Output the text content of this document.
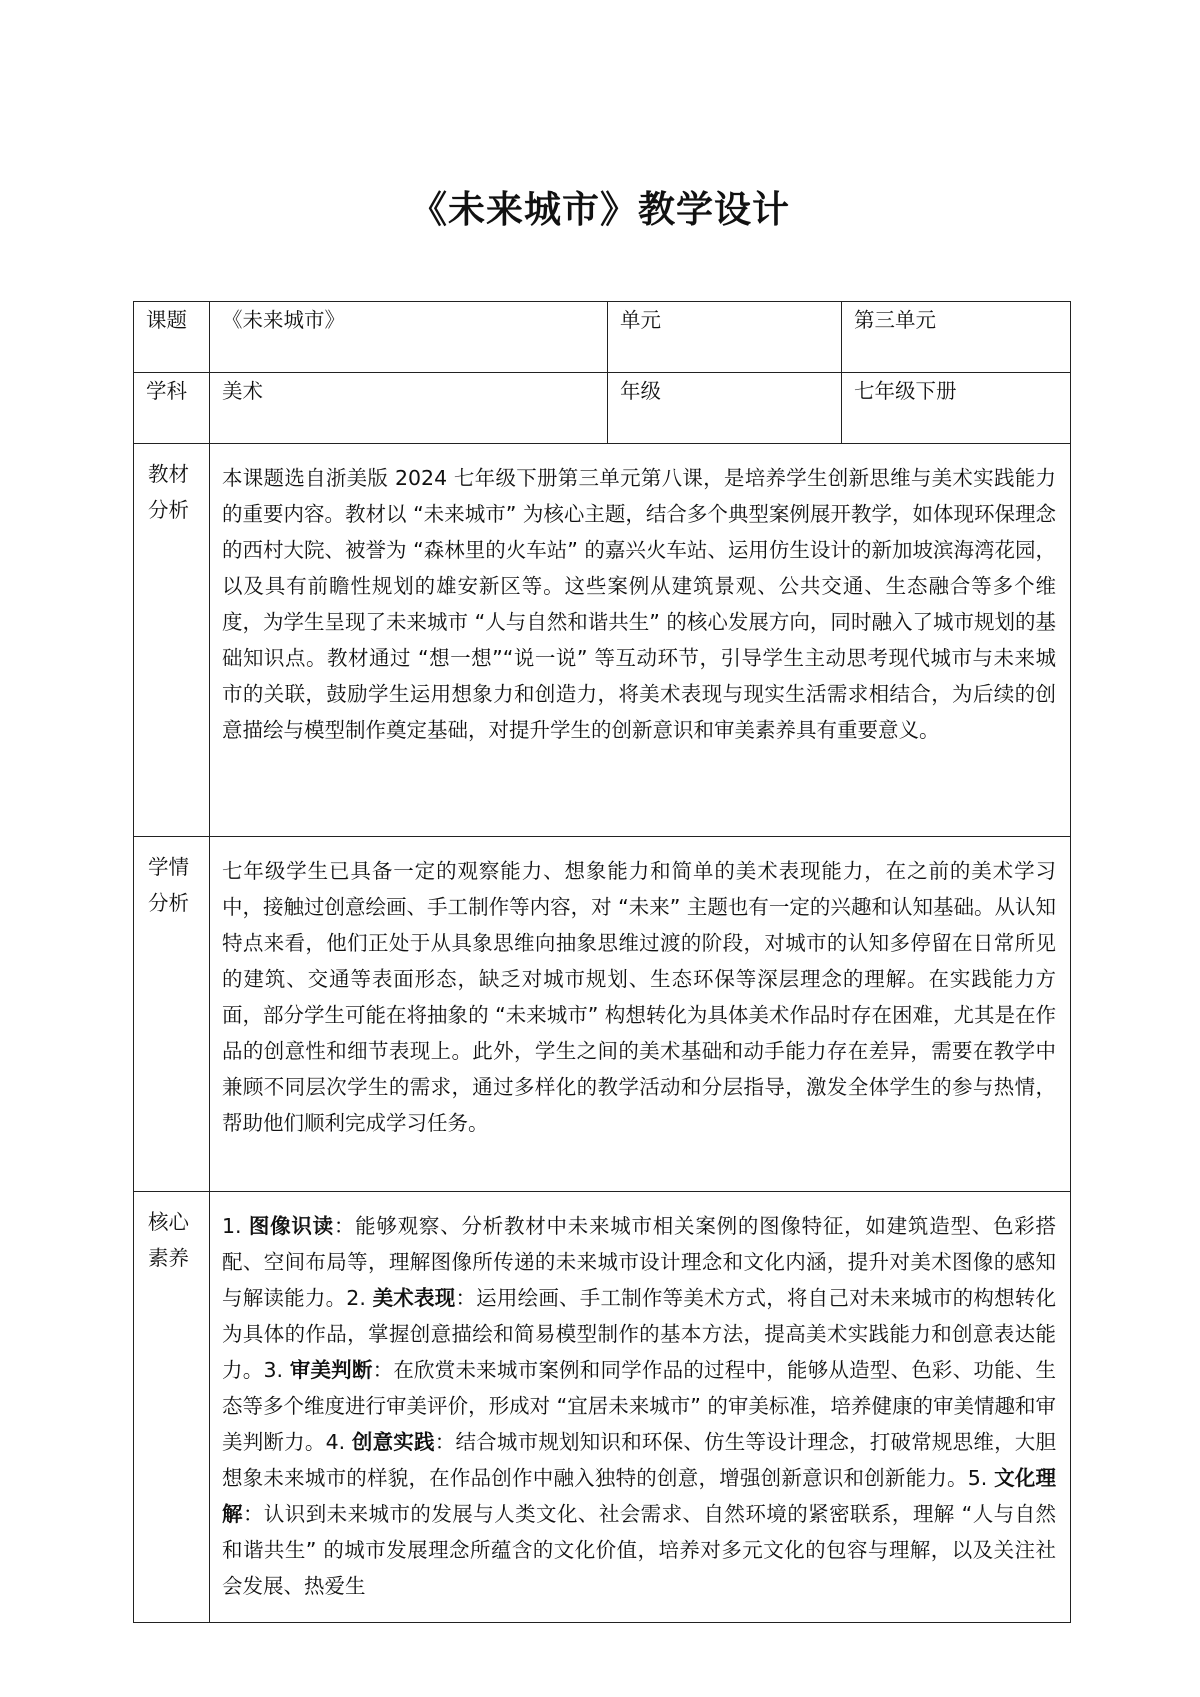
《未来城市》教学设计
课题	《未来城市》	单元	第三单元
学科	美术	年级	七年级下册
教材分析	本课题选自浙美版 2024 七年级下册第三单元第八课，是培养学生创新思维与美术实践能力的重要内容。教材以 “未来城市” 为核心主题，结合多个典型案例展开教学，如体现环保理念的西村大院、被誉为 “森林里的火车站” 的嘉兴火车站、运用仿生设计的新加坡滨海湾花园，以及具有前瞻性规划的雄安新区等。这些案例从建筑景观、公共交通、生态融合等多个维度，为学生呈现了未来城市 “人与自然和谐共生” 的核心发展方向，同时融入了城市规划的基础知识点。教材通过 “想一想”“说一说” 等互动环节，引导学生主动思考现代城市与未来城市的关联，鼓励学生运用想象力和创造力，将美术表现与现实生活需求相结合，为后续的创意描绘与模型制作奠定基础，对提升学生的创新意识和审美素养具有重要意义。		
学情分析	七年级学生已具备一定的观察能力、想象能力和简单的美术表现能力，在之前的美术学习中，接触过创意绘画、手工制作等内容，对 “未来” 主题也有一定的兴趣和认知基础。从认知特点来看，他们正处于从具象思维向抽象思维过渡的阶段，对城市的认知多停留在日常所见的建筑、交通等表面形态，缺乏对城市规划、生态环保等深层理念的理解。在实践能力方面，部分学生可能在将抽象的 “未来城市” 构想转化为具体美术作品时存在困难，尤其是在作品的创意性和细节表现上。此外，学生之间的美术基础和动手能力存在差异，需要在教学中兼顾不同层次学生的需求，通过多样化的教学活动和分层指导，激发全体学生的参与热情，帮助他们顺利完成学习任务。		
核心素养	1. 图像识读：能够观察、分析教材中未来城市相关案例的图像特征，如建筑造型、色彩搭配、空间布局等，理解图像所传递的未来城市设计理念和文化内涵，提升对美术图像的感知与解读能力。2. 美术表现：运用绘画、手工制作等美术方式，将自己对未来城市的构想转化为具体的作品，掌握创意描绘和简易模型制作的基本方法，提高美术实践能力和创意表达能力。3. 审美判断：在欣赏未来城市案例和同学作品的过程中，能够从造型、色彩、功能、生态等多个维度进行审美评价，形成对 “宜居未来城市” 的审美标准，培养健康的审美情趣和审美判断力。4. 创意实践：结合城市规划知识和环保、仿生等设计理念，打破常规思维，大胆想象未来城市的样貌，在作品创作中融入独特的创意，增强创新意识和创新能力。5. 文化理解：认识到未来城市的发展与人类文化、社会需求、自然环境的紧密联系，理解 “人与自然和谐共生” 的城市发展理念所蕴含的文化价值，培养对多元文化的包容与理解，以及关注社会发展、热爱生		
